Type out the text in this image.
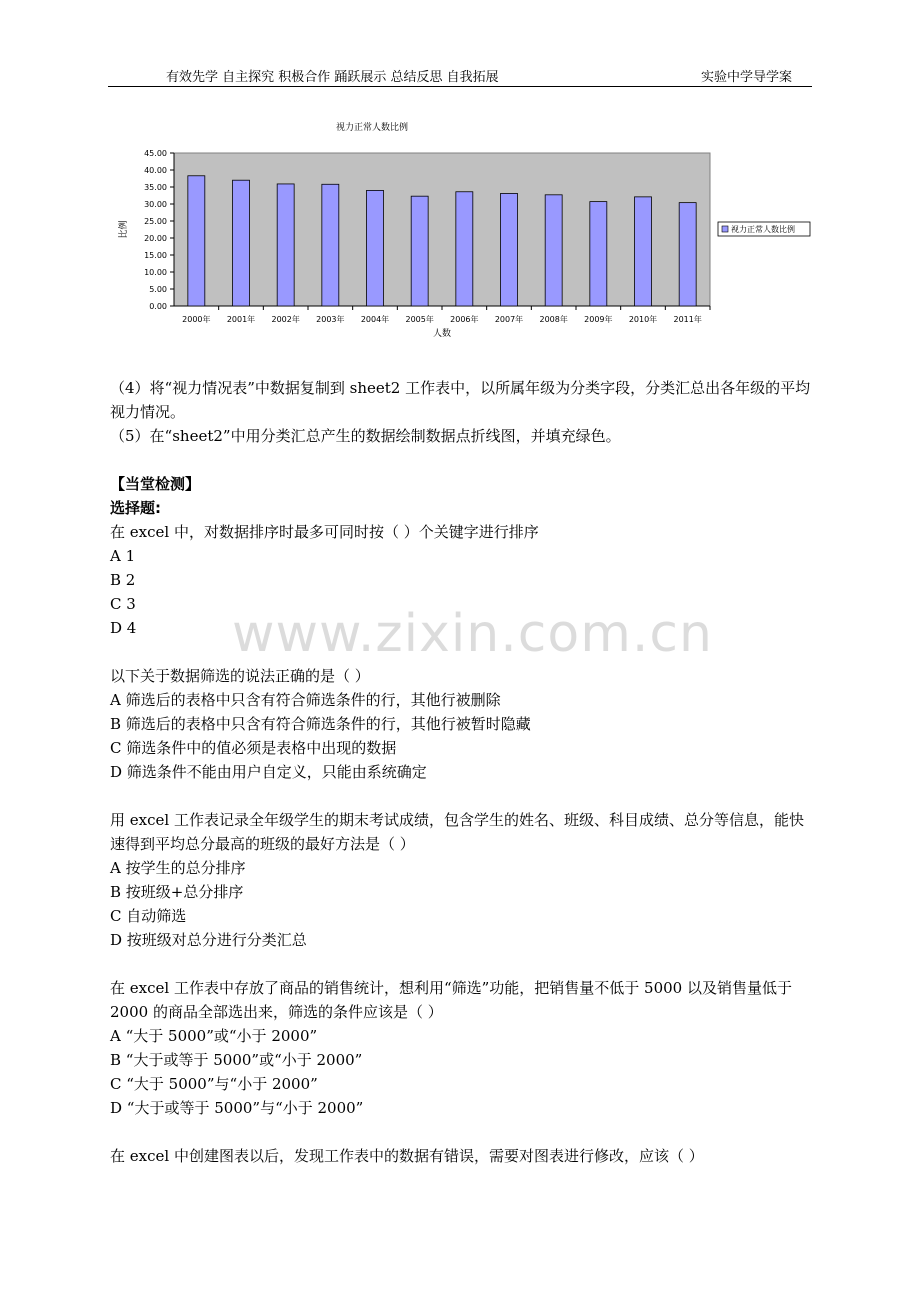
有效先学 自主探究 积极合作 踊跃展示 总结反思 自我拓展	实验中学导学案
视力正常人数比例
0.00
5.00
10.00
15.00
20.00
25.00
30.00
35.00
40.00
45.00
比例
2000年 2001年 2002年 2003年 2004年 2005年 2006年 2007年 2008年 2009年 2010年 2011年
人数
视力正常人数比例
www.zixin.com.cn

（4）将“视力情况表”中数据复制到 sheet2 工作表中，以所属年级为分类字段，分类汇总出各年级的平均视力情况。

（5）在“sheet2”中用分类汇总产生的数据绘制数据点折线图，并填充绿色。

【当堂检测】

选择题:

在 excel 中，对数据排序时最多可同时按（ ）个关键字进行排序

A 1

B 2

C 3

D 4

以下关于数据筛选的说法正确的是（ ）

A 筛选后的表格中只含有符合筛选条件的行，其他行被删除

B 筛选后的表格中只含有符合筛选条件的行，其他行被暂时隐藏

C 筛选条件中的值必须是表格中出现的数据

D 筛选条件不能由用户自定义，只能由系统确定

用 excel 工作表记录全年级学生的期末考试成绩，包含学生的姓名、班级、科目成绩、总分等信息，能快速得到平均总分最高的班级的最好方法是（ ）

A 按学生的总分排序

B 按班级+总分排序

C 自动筛选

D 按班级对总分进行分类汇总

在 excel 工作表中存放了商品的销售统计，想利用“筛选”功能，把销售量不低于 5000 以及销售量低于 2000 的商品全部选出来，筛选的条件应该是（ ）

A “大于 5000”或“小于 2000”

B “大于或等于 5000”或“小于 2000”

C “大于 5000”与“小于 2000”

D “大于或等于 5000”与“小于 2000”

在 excel 中创建图表以后，发现工作表中的数据有错误，需要对图表进行修改，应该（ ）
